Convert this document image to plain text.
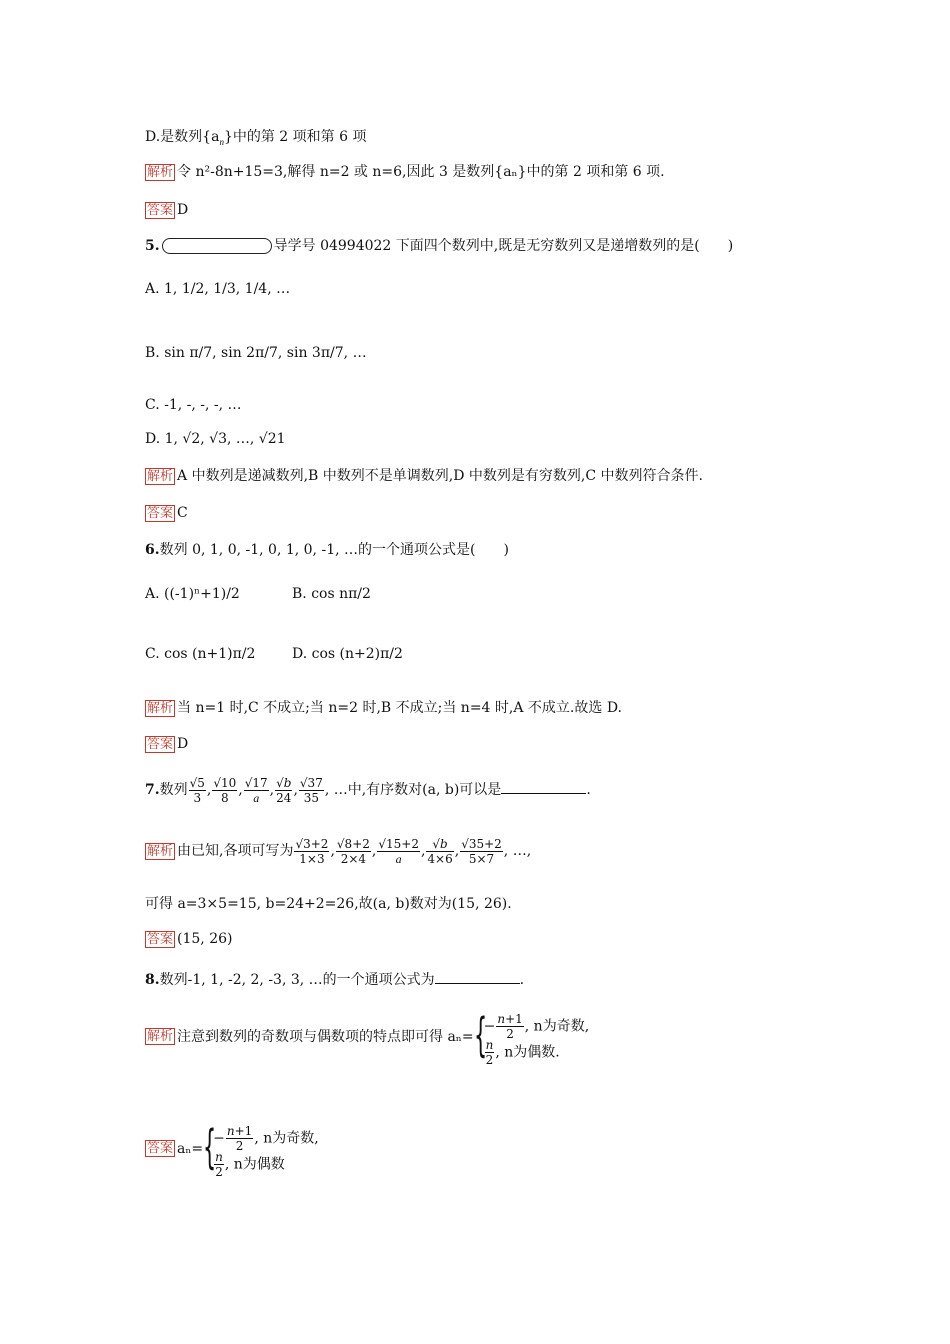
D.是数列$\{a_n\}$中的第 2 项和第 6 项
解析 令 n²-8n+15=3,解得 n=2 或 n=6,因此 3 是数列{aₙ}中的第 2 项和第 6 项.
答案 D
5.	导学号 04994022 下面四个数列中,既是无穷数列又是递增数列的是(　　)
A. 1, 1/2, 1/3, 1/4, …
B. sin π/7, sin 2π/7, sin 3π/7, …
C. -1, -, -, -, …
D. 1, √2, √3, …, √21
解析 A 中数列是递减数列,B 中数列不是单调数列,D 中数列是有穷数列,C 中数列符合条件.
答案 C
6.数列 0, 1, 0, -1, 0, 1, 0, -1, …的一个通项公式是(　　)
A. ((-1)ⁿ+1)/2	B. cos nπ/2
C. cos (n+1)π/2	D. cos (n+2)π/2
解析 当 n=1 时,C 不成立;当 n=2 时,B 不成立;当 n=4 时,A 不成立.故选 D.
答案 D
7.数列 $\frac{√5}{3}$ , $\frac{√10}{8}$ , $\frac{√17}{a}$ , $\frac{√b}{24}$ , $\frac{√37}{35}$ , …中,有序数对(a, b)可以是	.
解析 由已知,各项可写为 $\frac{√3+2}{1\times 3}$ , $\frac{√8+2}{2\times 4}$ , $\frac{√15+2}{a}$ , $\frac{√b}{4\times 6}$ , $\frac{√35+2}{5\times 7}$ , …,
可得 a=3×5=15, b=24+2=26,故(a, b)数对为(15, 26).
答案 (15, 26)
8.数列-1, 1, -2, 2, -3, 3, …的一个通项公式为	.
解析 注意到数列的奇数项与偶数项的特点即可得 aₙ= {
− $\frac{n+1}{2}$ , n为奇数,
$\frac{n}{2}$ , n为偶数.
答案 aₙ= {
− $\frac{n+1}{2}$ , n为奇数,
$\frac{n}{2}$ , n为偶数
